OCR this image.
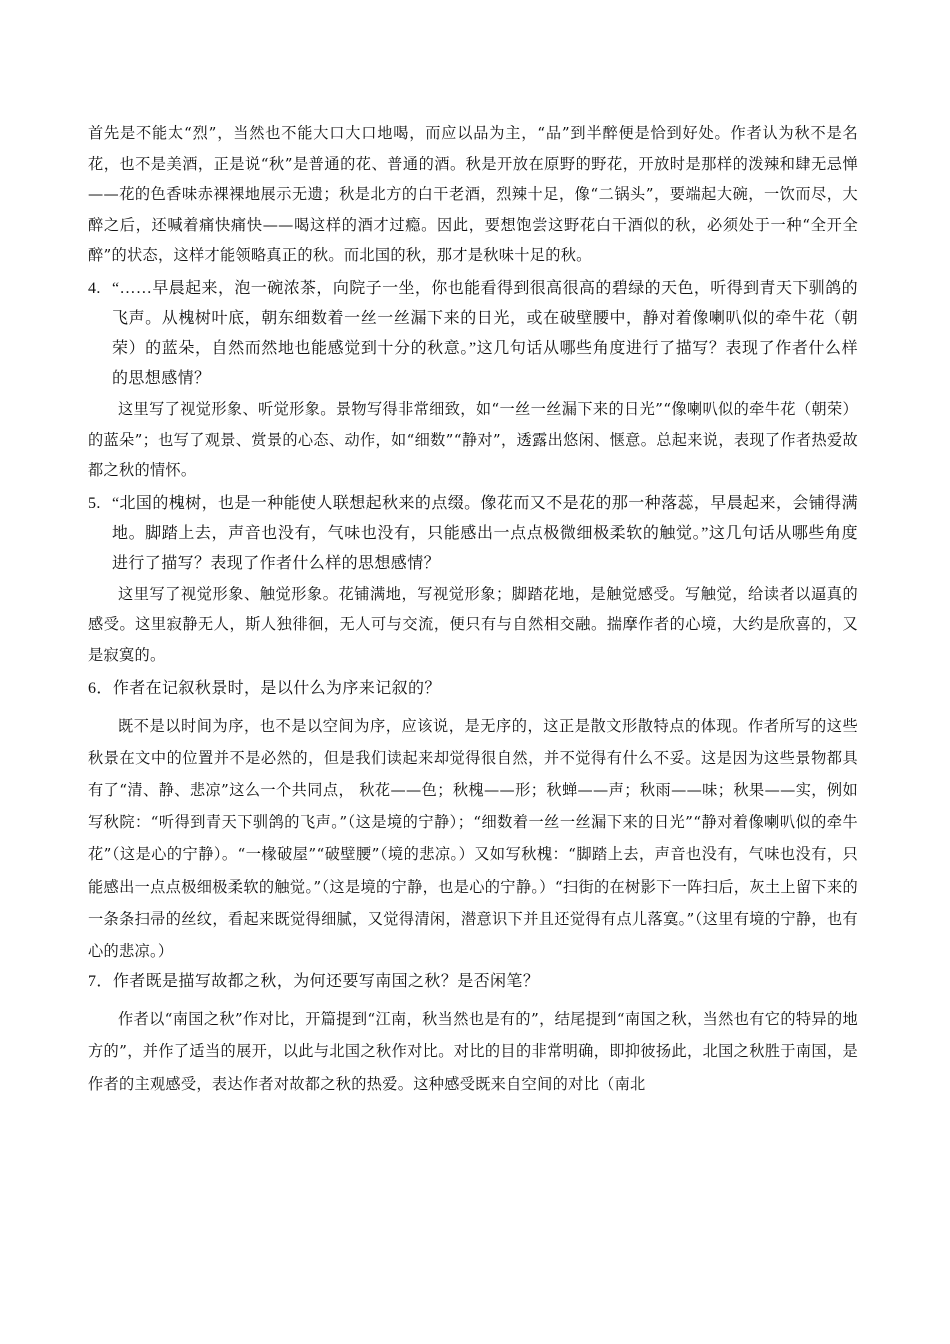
首先是不能太“烈”，当然也不能大口大口地喝，而应以品为主，“品”到半醉便是恰到好处。作者认为秋不是名花，也不是美酒，正是说“秋”是普通的花、普通的酒。秋是开放在原野的野花，开放时是那样的泼辣和肆无忌惮——花的色香味赤裸裸地展示无遗；秋是北方的白干老酒，烈辣十足，像“二锅头”，要端起大碗，一饮而尽，大醉之后，还喊着痛快痛快——喝这样的酒才过瘾。因此，要想饱尝这野花白干酒似的秋，必须处于一种“全开全醉”的状态，这样才能领略真正的秋。而北国的秋，那才是秋味十足的秋。

4. “……早晨起来，泡一碗浓茶，向院子一坐，你也能看得到很高很高的碧绿的天色，听得到青天下驯鸽的飞声。从槐树叶底，朝东细数着一丝一丝漏下来的日光，或在破壁腰中，静对着像喇叭似的牵牛花（朝荣）的蓝朵，自然而然地也能感觉到十分的秋意。”这几句话从哪些角度进行了描写？表现了作者什么样的思想感情？

这里写了视觉形象、听觉形象。景物写得非常细致，如“一丝一丝漏下来的日光”“像喇叭似的牵牛花（朝荣）的蓝朵”；也写了观景、赏景的心态、动作，如“细数”“静对”，透露出悠闲、惬意。总起来说，表现了作者热爱故都之秋的情怀。

5. “北国的槐树，也是一种能使人联想起秋来的点缀。像花而又不是花的那一种落蕊，早晨起来，会铺得满地。脚踏上去，声音也没有，气味也没有，只能感出一点点极微细极柔软的触觉。”这几句话从哪些角度进行了描写？表现了作者什么样的思想感情？

这里写了视觉形象、触觉形象。花铺满地，写视觉形象；脚踏花地，是触觉感受。写触觉，给读者以逼真的感受。这里寂静无人，斯人独徘徊，无人可与交流，便只有与自然相交融。揣摩作者的心境，大约是欣喜的，又是寂寞的。

6．作者在记叙秋景时，是以什么为序来记叙的？

既不是以时间为序，也不是以空间为序，应该说，是无序的，这正是散文形散特点的体现。作者所写的这些秋景在文中的位置并不是必然的，但是我们读起来却觉得很自然，并不觉得有什么不妥。这是因为这些景物都具有了“清、静、悲凉”这么一个共同点， 秋花——色；秋槐——形；秋蝉——声；秋雨——味；秋果——实，例如写秋院：“听得到青天下驯鸽的飞声。”（这是境的宁静）；“细数着一丝一丝漏下来的日光”“静对着像喇叭似的牵牛花”（这是心的宁静）。“一椽破屋”“破壁腰”（境的悲凉。）又如写秋槐：“脚踏上去，声音也没有，气味也没有，只能感出一点点极细极柔软的触觉。”（这是境的宁静，也是心的宁静。）“扫街的在树影下一阵扫后，灰土上留下来的一条条扫帚的丝纹，看起来既觉得细腻，又觉得清闲，潜意识下并且还觉得有点儿落寞。”（这里有境的宁静，也有心的悲凉。）

7．作者既是描写故都之秋，为何还要写南国之秋？是否闲笔？

作者以“南国之秋”作对比，开篇提到“江南，秋当然也是有的”，结尾提到“南国之秋，当然也有它的特异的地方的”，并作了适当的展开，以此与北国之秋作对比。对比的目的非常明确，即抑彼扬此，北国之秋胜于南国，是作者的主观感受，表达作者对故都之秋的热爱。这种感受既来自空间的对比（南北
